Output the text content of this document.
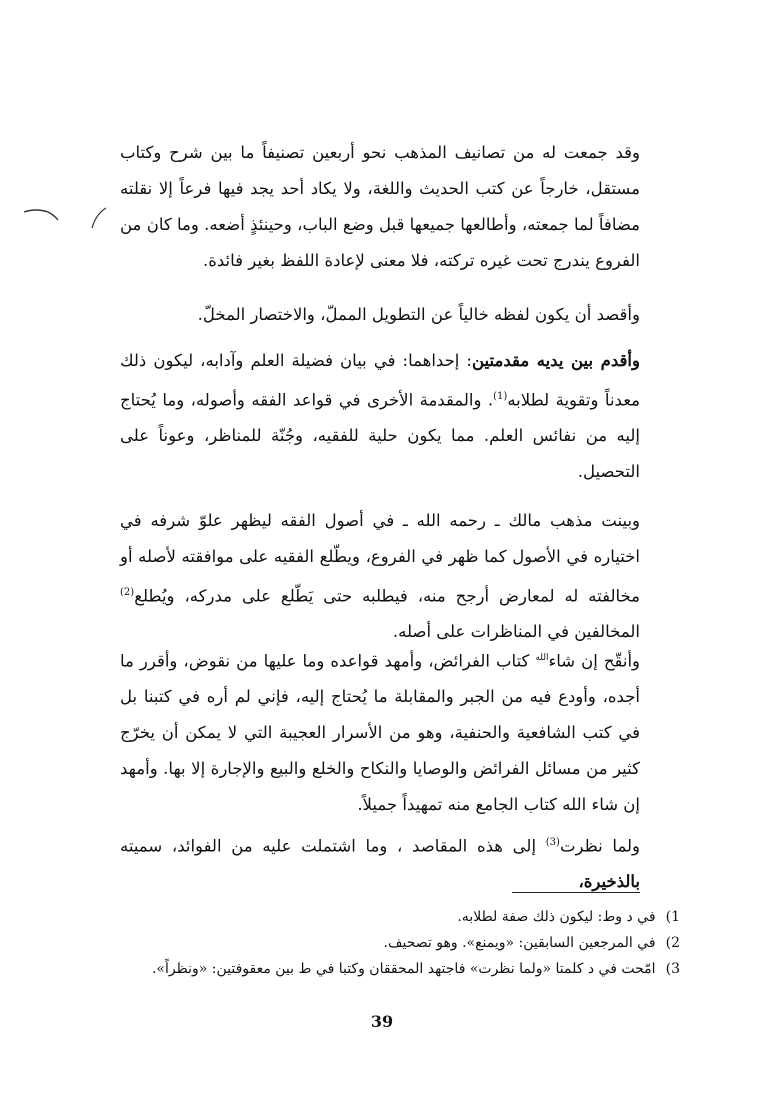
وقد جمعت له من تصانيف المذهب نحو أربعين تصنيفاً ما بين شرح وكتاب مستقل، خارجاً عن كتب الحديث واللغة، ولا يكاد أحد يجد فيها فرعاً إلا نقلته مضافاً لما جمعته، وأطالعها جميعها قبل وضع الباب، وحينئذٍ أضعه. وما كان من الفروع يندرج تحت غيره تركته، فلا معنى لإعادة اللفظ بغير فائدة.

وأقصد أن يكون لفظه خالياً عن التطويل المملّ، والاختصار المخلّ.

وأقدم بين يديه مقدمتين: إحداهما: في بيان فضيلة العلم وآدابه، ليكون ذلك معدناً وتقوية لطلابه$^{(1)}$. والمقدمة الأخرى في قواعد الفقه وأصوله، وما يُحتاج إليه من نفائس العلم. مما يكون حلية للفقيه، وجُنّة للمناظر، وعوناً على التحصيل.

وبينت مذهب مالك ـ رحمه الله ـ في أصول الفقه ليظهر علوّ شرفه في اختياره في الأصول كما ظهر في الفروع، ويطّلع الفقيه على موافقته لأصله أو مخالفته له لمعارض أرجح منه، فيطلبه حتى يَطّلع على مدركه، ويُطلع$^{(2)}$ المخالفين في المناظرات على أصله.

وأنقّح إن شاء$^{الله}$ كتاب الفرائض، وأمهد قواعده وما عليها من نقوض، وأقرر ما أجده، وأودع فيه من الجبر والمقابلة ما يُحتاج إليه، فإني لم أره في كتبنا بل في كتب الشافعية والحنفية، وهو من الأسرار العجيبة التي لا يمكن أن يخرّج كثير من مسائل الفرائض والوصايا والنكاح والخلع والبيع والإجارة إلا بها. وأمهد إن شاء الله كتاب الجامع منه تمهيداً جميلاً.

ولما نظرت$^{(3)}$ إلى هذه المقاصد ، وما اشتملت عليه من الفوائد، سميته بالذخيرة،

1) في د وط: ليكون ذلك صفة لطلابه.
2) في المرجعين السابقين: «ويمنع». وهو تصحيف.
3) امّحت في د كلمتا «ولما نظرت» فاجتهد المحققان وكتبا في ط بين معقوفتين: «ونظراً».
39
